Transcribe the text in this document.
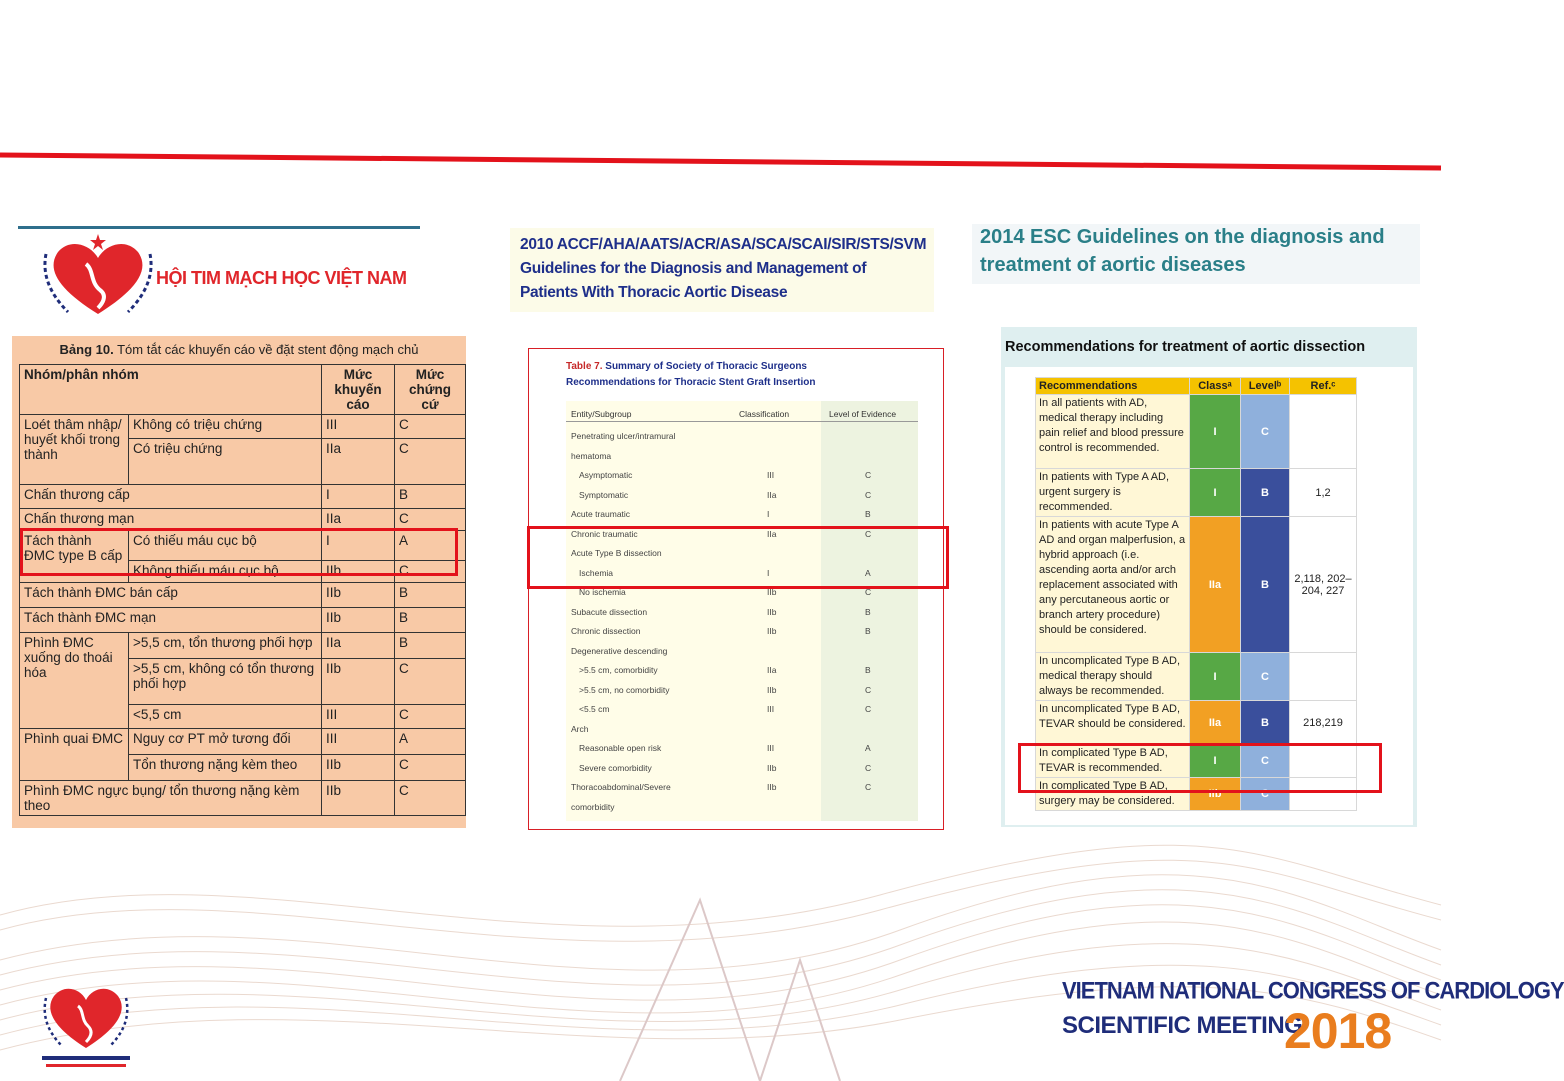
HỘI TIM MẠCH HỌC VIỆT NAM
Bảng 10. Tóm tắt các khuyến cáo về đặt stent động mạch chủ
Nhóm/phân nhóm		Mức khuyến cáo	Mức chứng cứ
Loét thâm nhập/ huyết khối trong thành	Không có triệu chứng	III	C
	Có triệu chứng	IIa	C
Chấn thương cấp		I	B
Chấn thương mạn		IIa	C
Tách thành ĐMC type B cấp	Có thiếu máu cục bộ	I	A
	Không thiếu máu cục bộ	IIb	C
Tách thành ĐMC bán cấp		IIb	B
Tách thành ĐMC mạn		IIb	B
Phình ĐMC xuống do thoái hóa	>5,5 cm, tổn thương phối hợp	IIa	B
	>5,5 cm, không có tổn thương phối hợp	IIb	C
	<5,5 cm	III	C
Phình quai ĐMC	Nguy cơ PT mở tương đối	III	A
	Tổn thương nặng kèm theo	IIb	C
Phình ĐMC ngực bụng/ tổn thương nặng kèm theo		IIb	C
2010 ACCF/AHA/AATS/ACR/ASA/SCA/SCAI/SIR/STS/SVM
Guidelines for the Diagnosis and Management of
Patients With Thoracic Aortic Disease
Table 7. Summary of Society of Thoracic Surgeons
Recommendations for Thoracic Stent Graft Insertion
Entity/Subgroup	Classification	Level of Evidence
Penetrating ulcer/intramural
hematoma
Asymptomatic	III	C
Symptomatic	IIa	C
Acute traumatic	I	B
Chronic traumatic	IIa	C
Acute Type B dissection
Ischemia	I	A
No ischemia	IIb	C
Subacute dissection	IIb	B
Chronic dissection	IIb	B
Degenerative descending
>5.5 cm, comorbidity	IIa	B
>5.5 cm, no comorbidity	IIb	C
<5.5 cm	III	C
Arch
Reasonable open risk	III	A
Severe comorbidity	IIb	C
Thoracoabdominal/Severe	IIb	C
comorbidity
2014 ESC Guidelines on the diagnosis and
treatment of aortic diseases
Recommendations for treatment of aortic dissection
Recommendations	Classᵃ	Levelᵇ	Ref.ᶜ
In all patients with AD, medical therapy including pain relief and blood pressure control is recommended.	I	C	
In patients with Type A AD, urgent surgery is recommended.	I	B	1,2
In patients with acute Type A AD and organ malperfusion, a hybrid approach (i.e. ascending aorta and/or arch replacement associated with any percutaneous aortic or branch artery procedure) should be considered.	IIa	B	2,118, 202–204, 227
In uncomplicated Type B AD, medical therapy should always be recommended.	I	C	
In uncomplicated Type B AD, TEVAR should be considered.	IIa	B	218,219
In complicated Type B AD, TEVAR is recommended.	I	C	
In complicated Type B AD, surgery may be considered.	IIb	C	
VIETNAM NATIONAL CONGRESS OF CARDIOLOGY
SCIENTIFIC MEETING
2018
